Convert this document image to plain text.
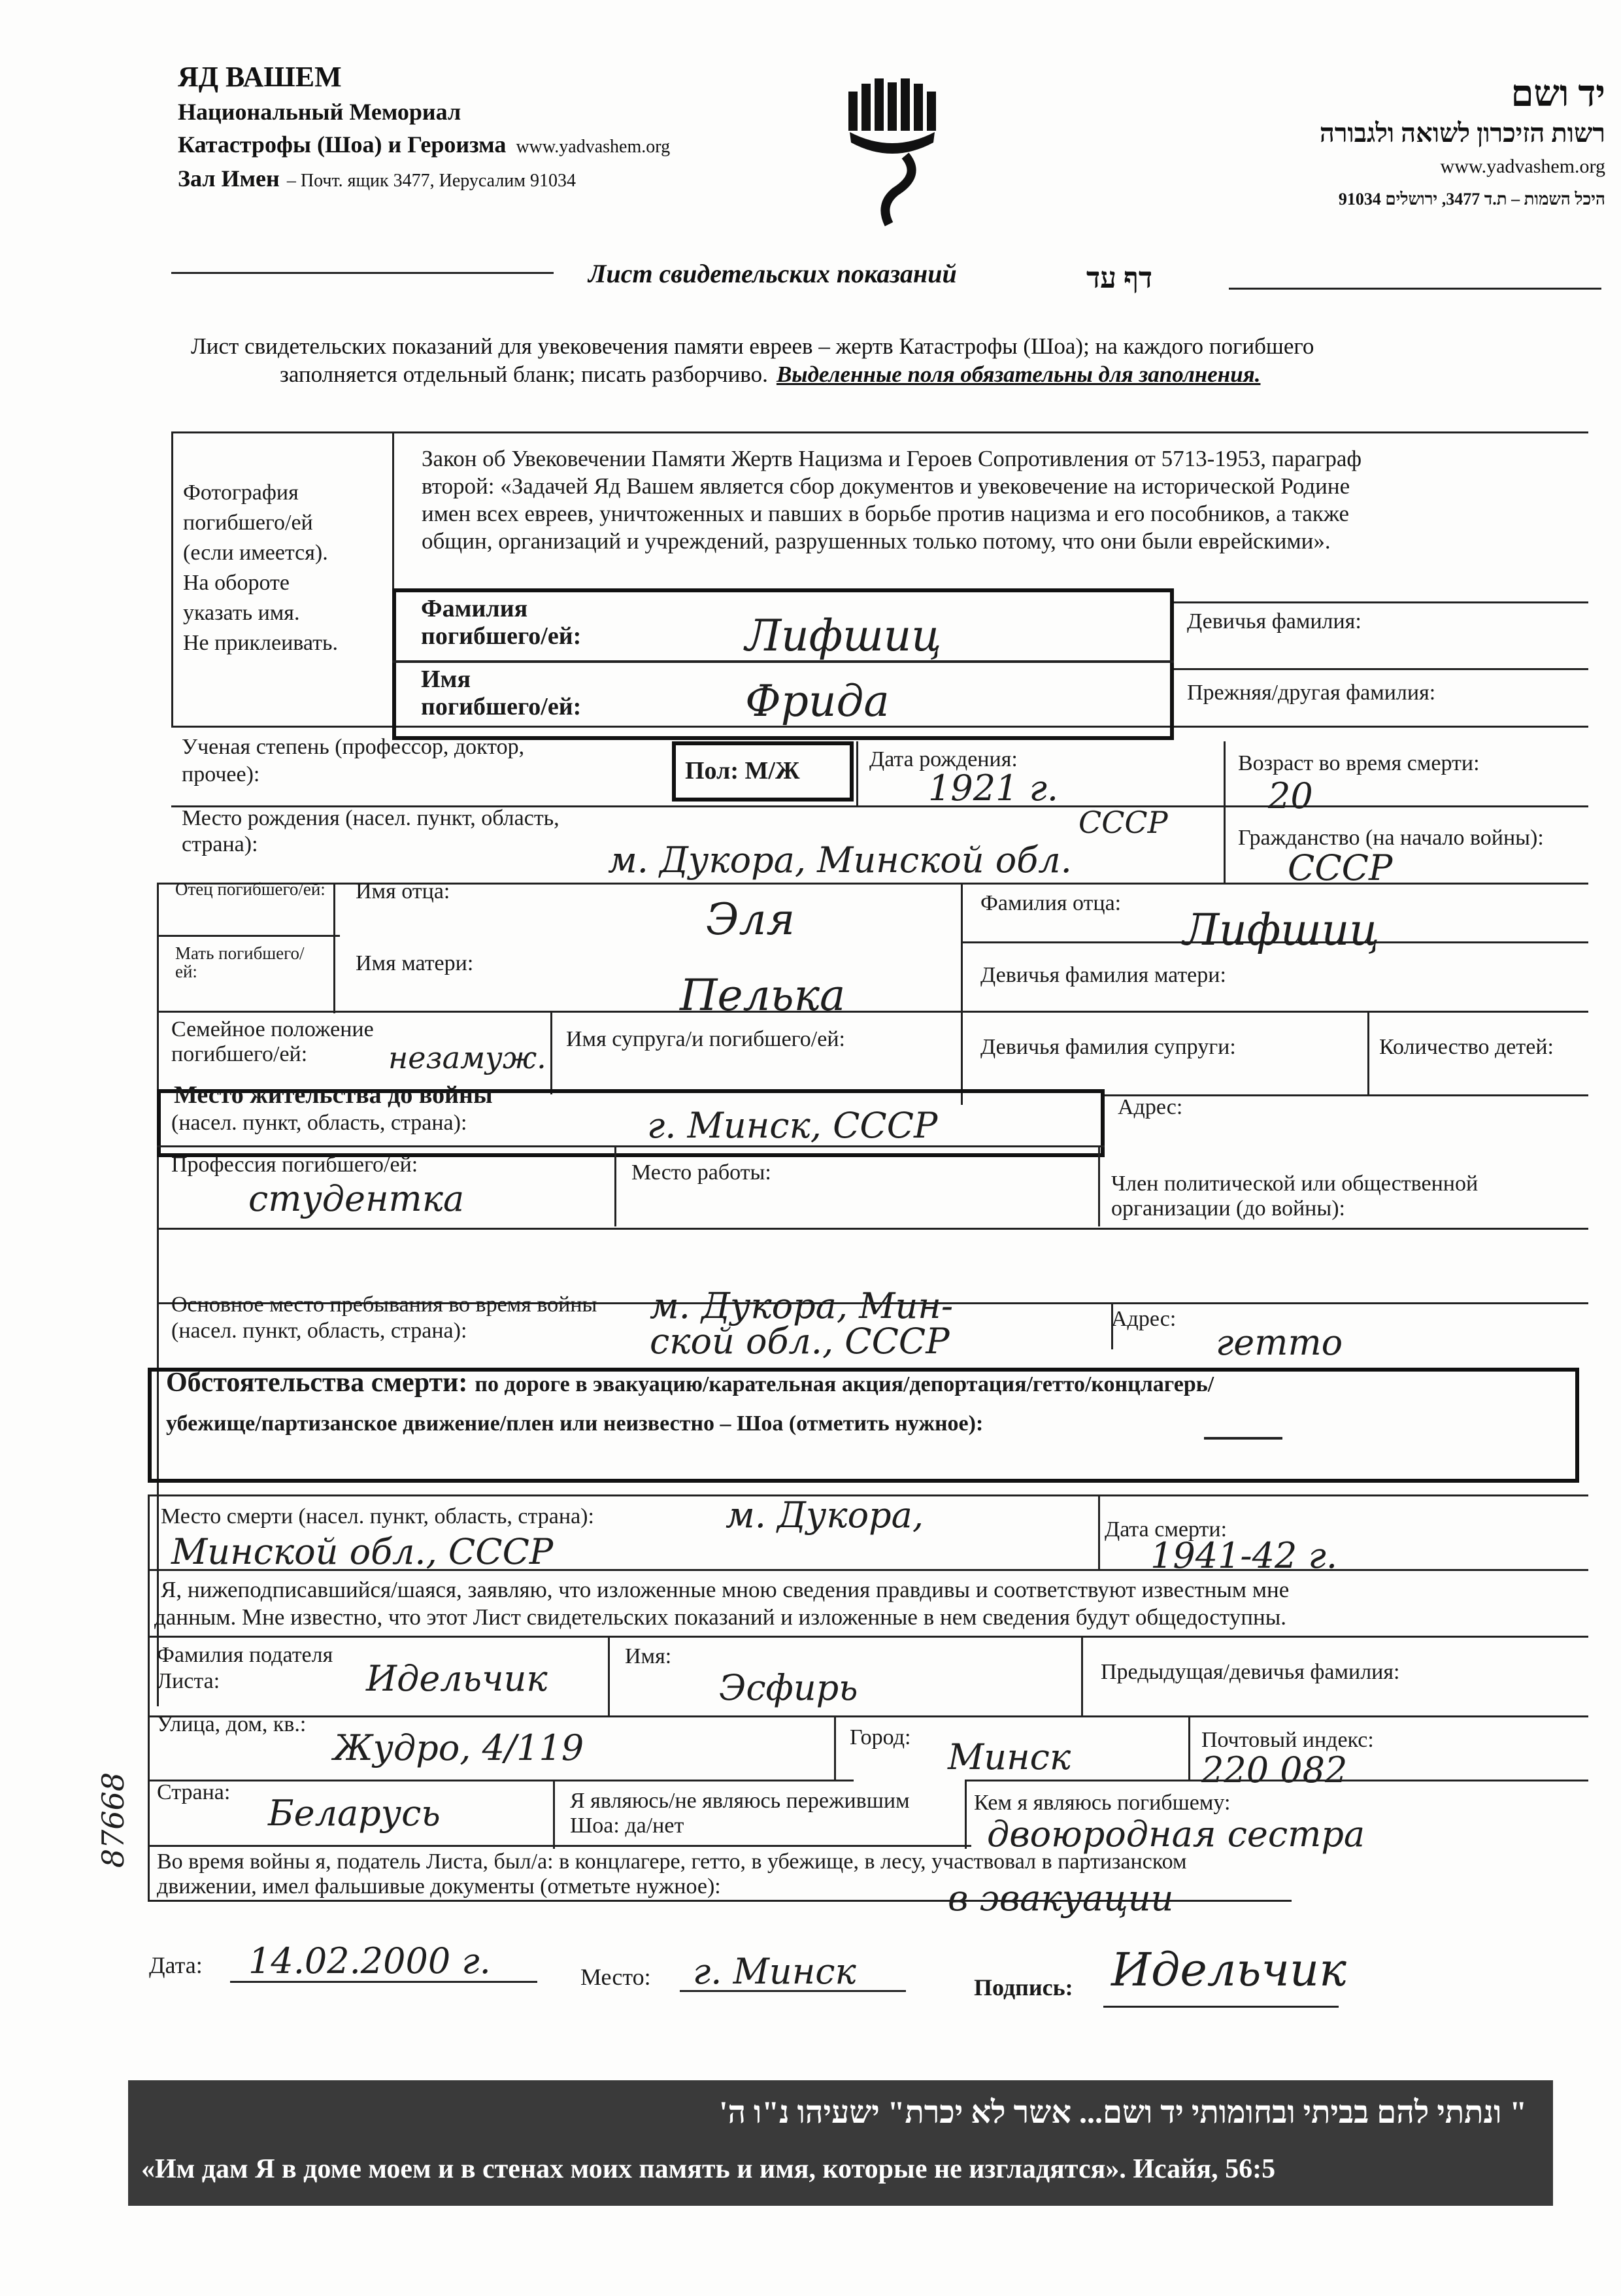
ЯД ВАШЕМ
Национальный Мемориал
Катастрофы (Шоа) и Героизма www.yadvashem.org
Зал Имен – Почт. ящик 3477, Иерусалим 91034
יד ושם
רשות הזיכרון לשואה ולגבורה
www.yadvashem.org
היכל השמות – ת.ד 3477, ירושלים 91034
Лист свидетельских показаний	דף עד
Лист свидетельских показаний для увековечения памяти евреев – жертв Катастрофы (Шоа); на каждого погибшего
заполняется отдельный бланк; писать разборчиво. Выделенные поля обязательны для заполнения.
Фотография
погибшего/ей
(если имеется).
На обороте
указать имя.
Не приклеивать.
Закон об Увековечении Памяти Жертв Нацизма и Героев Сопротивления от 5713-1953, параграф
второй: «Задачей Яд Вашем является сбор документов и увековечение на исторической Родине
имен всех евреев, уничтоженных и павших в борьбе против нацизма и его пособников, а также
общин, организаций и учреждений, разрушенных только потому, что они были еврейскими».
Фамилия погибшего/ей:	Лифшиц	Девичья фамилия:
Имя погибшего/ей:	Фрида	Прежняя/другая фамилия:
Ученая степень (профессор, доктор, прочее):	Пол: М/Ж	Дата рождения:
1921 г.
Возраст во время смерти:
20
Место рождения (насел. пункт, область, страна):	м. Дукора, Минской обл.
СССР	Гражданство (на начало войны):
СССР
Отец погибшего/ей: Имя отца:
Эля	Фамилия отца:
Лифшиц
Мать погибшего/ей:	Имя матери:
Пелька	Девичья фамилия матери:
Семейное положение погибшего/ей:	незамуж.
Имя супруга/и погибшего/ей:	Девичья фамилия супруги:	Количество детей:
Место жительства до войны
(насел. пункт, область, страна):	г. Минск, СССР	Адрес:
Профессия погибшего/ей:
студентка
Место работы:	Член политической или общественной организации (до войны):
Основное место пребывания во время войны (насел. пункт, область, страна):
м. Дукора, Мин-
ской обл., СССР
Адрес:
гетто
Обстоятельства смерти: по дороге в эвакуацию/карательная акция/депортация/гетто/концлагерь/
убежище/партизанское движение/плен или неизвестно – Шоа (отметить нужное):
Место смерти (насел. пункт, область, страна):	м. Дукора,
Минской обл., СССР
Дата смерти:
1941-42 г.
Я, нижеподписавшийся/шаяся, заявляю, что изложенные мною сведения правдивы и соответствуют известным мне
данным. Мне известно, что этот Лист свидетельских показаний и изложенные в нем сведения будут общедоступны.
Фамилия подателя Листа:	Идельчик
Имя:
Эсфирь	Предыдущая/девичья фамилия:
Улица, дом, кв.:
Жудро, 4/119	Город: Минск	Почтовый индекс:
220 082
Страна:
Беларусь	Я являюсь/не являюсь пережившим Шоа: да/нет
Кем я являюсь погибшему:
двоюродная сестра
Во время войны я, податель Листа, был/а: в концлагере, гетто, в убежище, в лесу, участвовал в партизанском
движении, имел фальшивые документы (отметьте нужное):	в эвакуации
87668
Дата: 14.02.2000 г.	Место: г. Минск	Подпись: Идельчик
" ונתתי להם בביתי ובחומותי יד ושם... אשר לא יכרת" ישעיהו נ"ו ה'
«Им дам Я в доме моем и в стенах моих память и имя, которые не изгладятся». Исайя, 56:5
